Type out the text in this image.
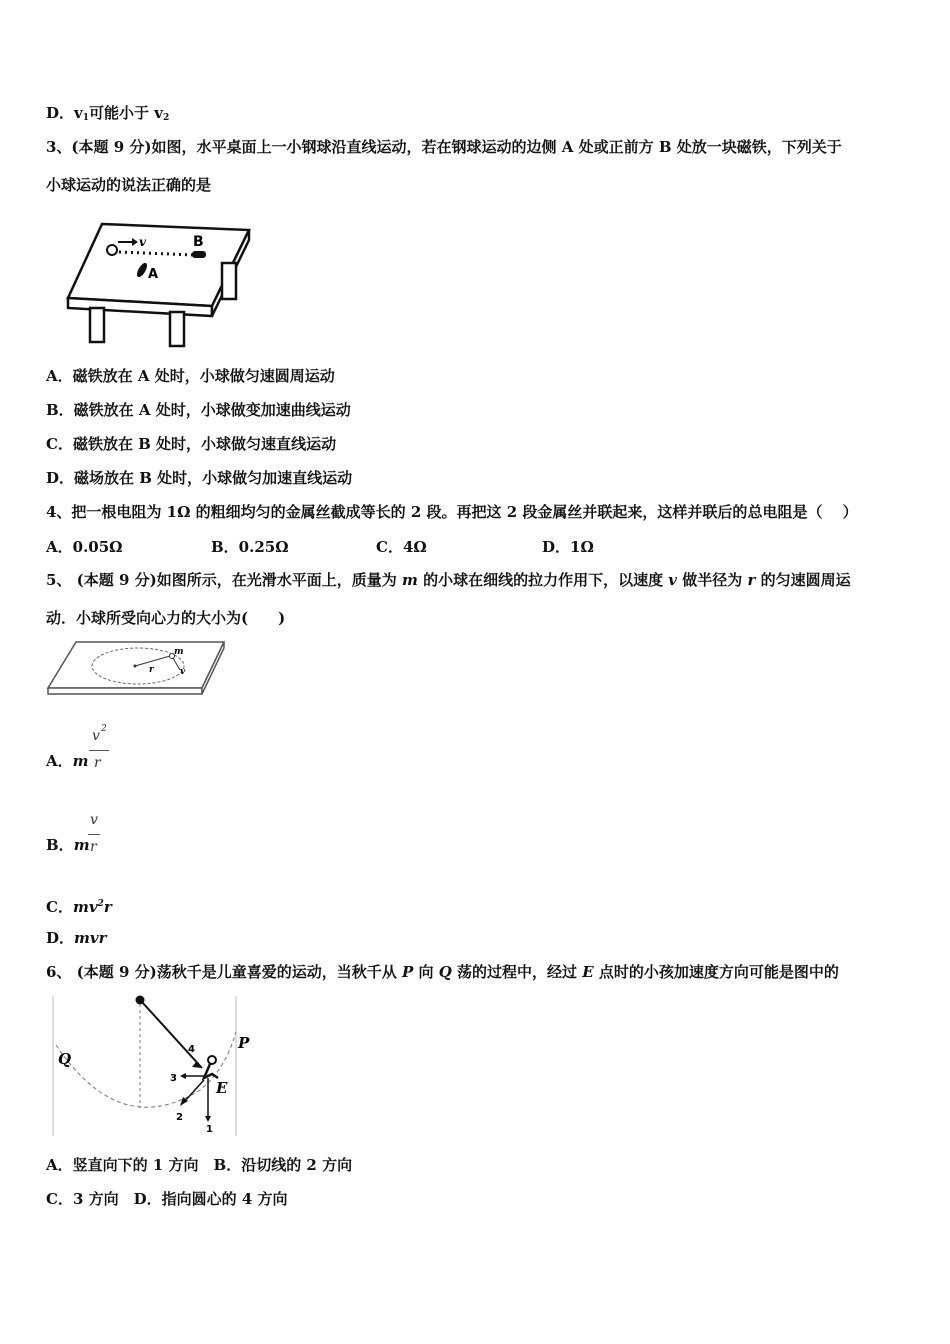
D．$v_1$可能小于 $v_2$
3、(本题 9 分)如图，水平桌面上一小钢球沿直线运动，若在钢球运动的边侧 A 处或正前方 B 处放一块磁铁，下列关于
小球运动的说法正确的是
v	B
A
A．磁铁放在 A 处时，小球做匀速圆周运动
B．磁铁放在 A 处时，小球做变加速曲线运动
C．磁铁放在 B 处时，小球做匀速直线运动
D．磁场放在 B 处时，小球做匀加速直线运动
4、把一根电阻为 1Ω 的粗细均匀的金属丝截成等长的 2 段。再把这 2 段金属丝并联起来，这样并联后的总电阻是（　 ）
A．0.05Ω	B．0.25Ω	C．4Ω	D．1Ω
5、 (本题 9 分)如图所示，在光滑水平面上，质量为 m 的小球在细线的拉力作用下，以速度 v 做半径为 r 的匀速圆周运
动．小球所受向心力的大小为(　　)
m
r	v
A．m
v 2
r
B．m
v
r
C．$mv^2r$
D．mvr
6、 (本题 9 分)荡秋千是儿童喜爱的运动，当秋千从 P 向 Q 荡的过程中，经过 E 点时的小孩加速度方向可能是图中的
Q
P
E
1
2
3
4
A．竖直向下的 1 方向　B．沿切线的 2 方向
C．3 方向　D．指向圆心的 4 方向
